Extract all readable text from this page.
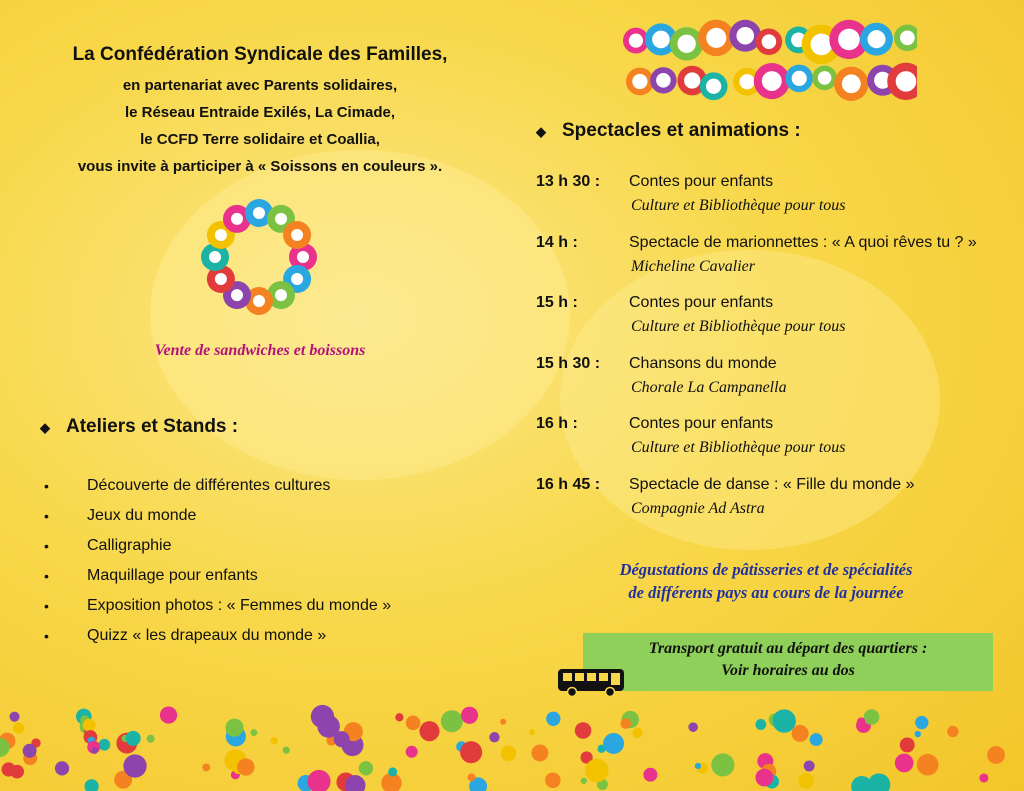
La Confédération Syndicale des Familles,
en partenariat avec Parents solidaires,
le Réseau Entraide Exilés, La Cimade,
le CCFD Terre solidaire et Coallia,
vous invite à participer à « Soissons en couleurs ».
Vente de sandwiches et boissons
◆ Ateliers et Stands :
• Découverte de différentes cultures
• Jeux du monde
• Calligraphie
• Maquillage pour enfants
• Exposition photos : « Femmes du monde »
• Quizz « les drapeaux du monde »
◆ Spectacles et animations :
13 h 30 : Contes pour enfants
Culture et Bibliothèque pour tous
14 h :	Spectacle de marionnettes : « A quoi rêves tu ? »
Micheline Cavalier
15 h :	Contes pour enfants
Culture et Bibliothèque pour tous
15 h 30 : Chansons du monde
Chorale La Campanella
16 h :	Contes pour enfants
Culture et Bibliothèque pour tous
16 h 45 : Spectacle de danse : « Fille du monde »
Compagnie Ad Astra
Dégustations de pâtisseries et de spécialités
de différents pays au cours de la journée
Transport gratuit au départ des quartiers :
Voir horaires au dos
